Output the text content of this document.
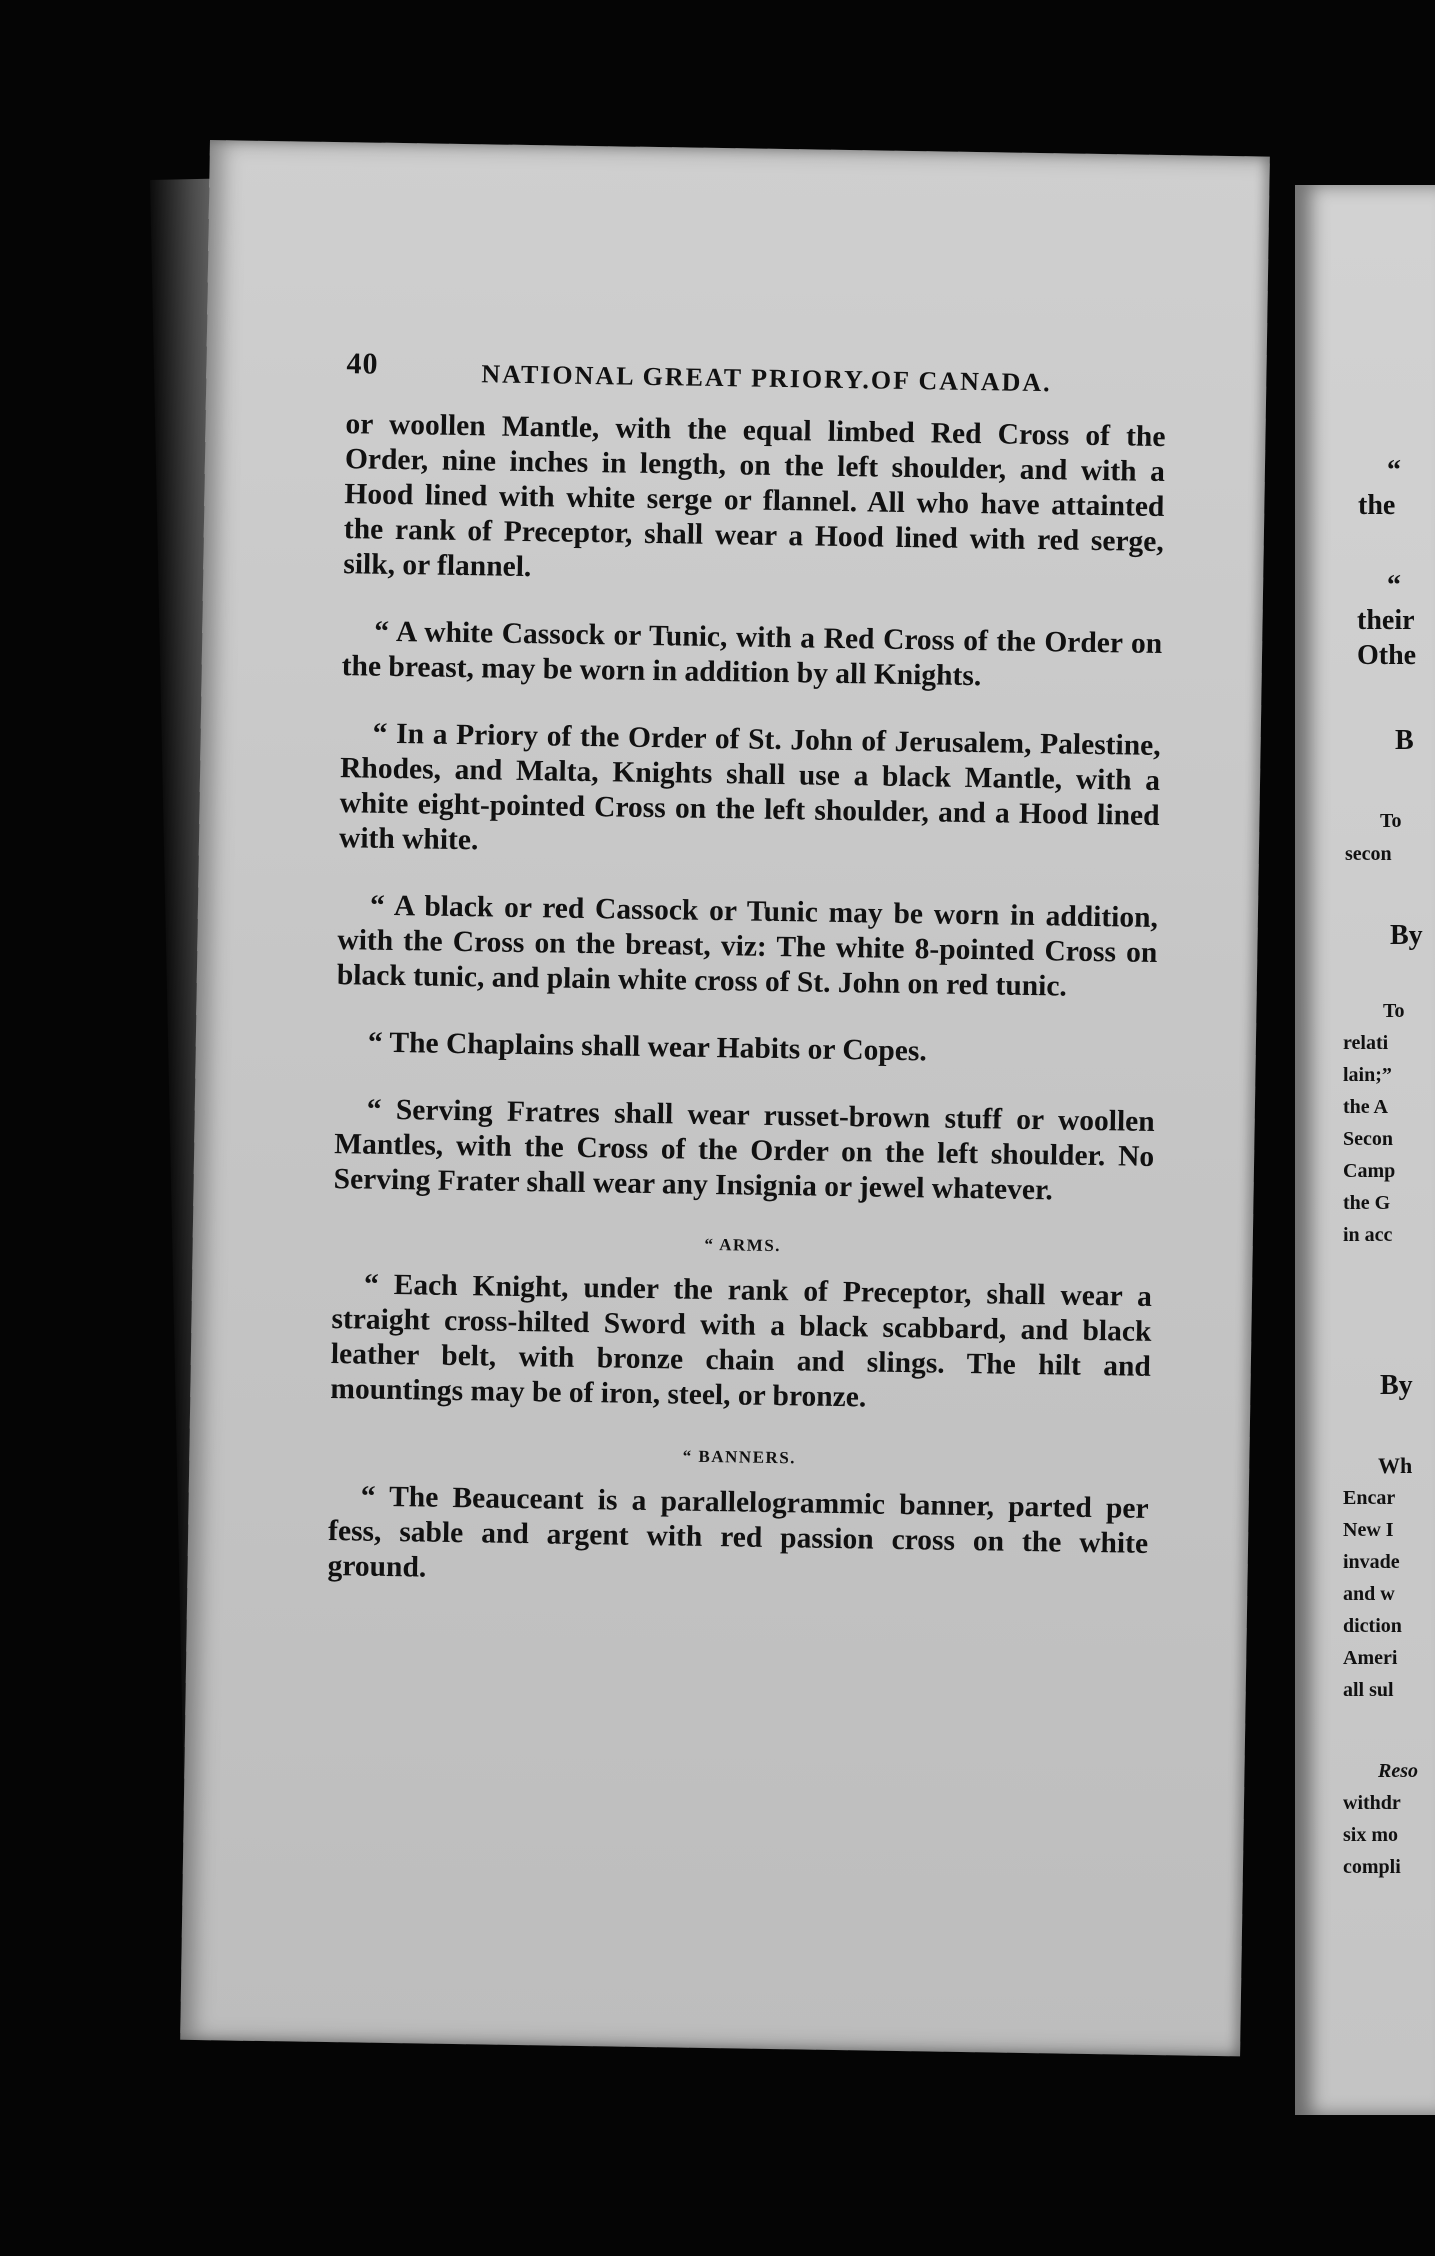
40	NATIONAL GREAT PRIORY.OF CANADA.

or woollen Mantle, with the equal limbed Red Cross of the Order, nine inches in length, on the left shoulder, and with a Hood lined with white serge or flannel. All who have attainted the rank of Preceptor, shall wear a Hood lined with red serge, silk, or flannel.

“ A white Cassock or Tunic, with a Red Cross of the Order on the breast, may be worn in addition by all Knights.

“ In a Priory of the Order of St. John of Jerusalem, Palestine, Rhodes, and Malta, Knights shall use a black Mantle, with a white eight-pointed Cross on the left shoulder, and a Hood lined with white.

“ A black or red Cassock or Tunic may be worn in addition, with the Cross on the breast, viz: The white 8-pointed Cross on black tunic, and plain white cross of St. John on red tunic.

“ The Chaplains shall wear Habits or Copes.

“ Serving Fratres shall wear russet-brown stuff or woollen Mantles, with the Cross of the Order on the left shoulder. No Serving Frater shall wear any Insignia or jewel whatever.

“ ARMS.

“ Each Knight, under the rank of Preceptor, shall wear a straight cross-hilted Sword with a black scabbard, and black leather belt, with bronze chain and slings. The hilt and mountings may be of iron, steel, or bronze.

“ BANNERS.

“ The Beauceant is a parallelogrammic banner, parted per fess, sable and argent with red passion cross on the white ground.

“
the
“
their
Othe
B
To
secon
By
To
relati
lain;”
the A
Secon
Camp
the G
in acc
By
Wh
Encar
New I
invade
and w
diction
Ameri
all sul
Reso
withdr
six mo
compli
